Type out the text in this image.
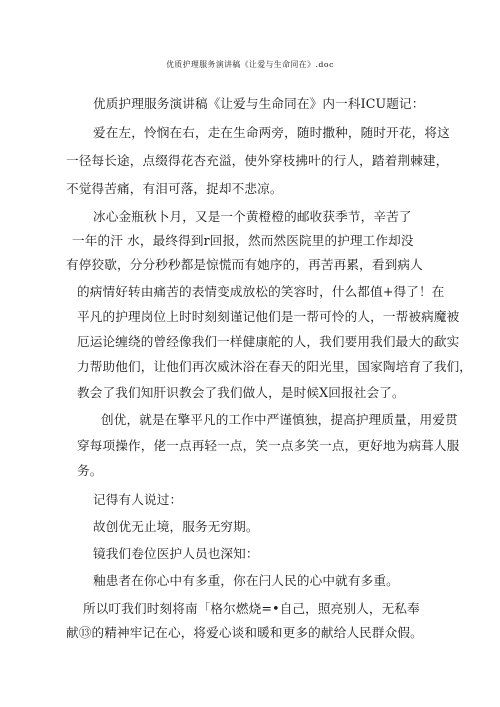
优质护理服务演讲稿《让爱与生命同在》.doc
优质护理服务演讲稿《让爱与生命同在》内一科ICU题记：
爱在左，怜悯在右，走在生命两旁，随时撒种，随时开花，将这
一径每长途，点缀得花杏充溢，使外穿枝拂叶的行人，踏着荆棘建，
不觉得苦痛，有泪可落，捉却不悲凉。
冰心金瓶秋卜月，又是一个黄橙橙的邮收获季节，辛苦了
一年的汗 水，最终得到r回报，然而然医院里的护理工作却没
有停狡歇，分分秒秒都是惊慌而有她序的，再苦再累，看到病人
的病情好转由痛苦的表情变成放松的笑容时，什么都值+得了！在
平凡的护理岗位上时时刻刻谨记他们是一帮可怜的人，一帮被病魔被
厄运论缠绕的曾经像我们一样健康舵的人，我们要用我们最大的歃实
力帮助他们，让他们再次威沐浴在春天的阳光里，国家陶培育了我们，
教会了我们知肝识教会了我们做人，是时候X回报社会了。
创优，就是在擎平凡的工作中严谨慎独，提高护理质量，用爱贯
穿每项操作，佬一点再轻一点，笑一点多笑一点，更好地为病葺人服
务。
记得有人说过：
故创优无止境，服务无穷期。
镜我们卷位医护人员也深知：
釉患者在你心中有多重，你在闩人民的心中就有多重。
所以叮我们时刻将南「格尔燃烧=•自己，照亮别人，无私奉
献⑬的精神牢记在心，将爱心谈和暖和更多的献给人民群众假。
